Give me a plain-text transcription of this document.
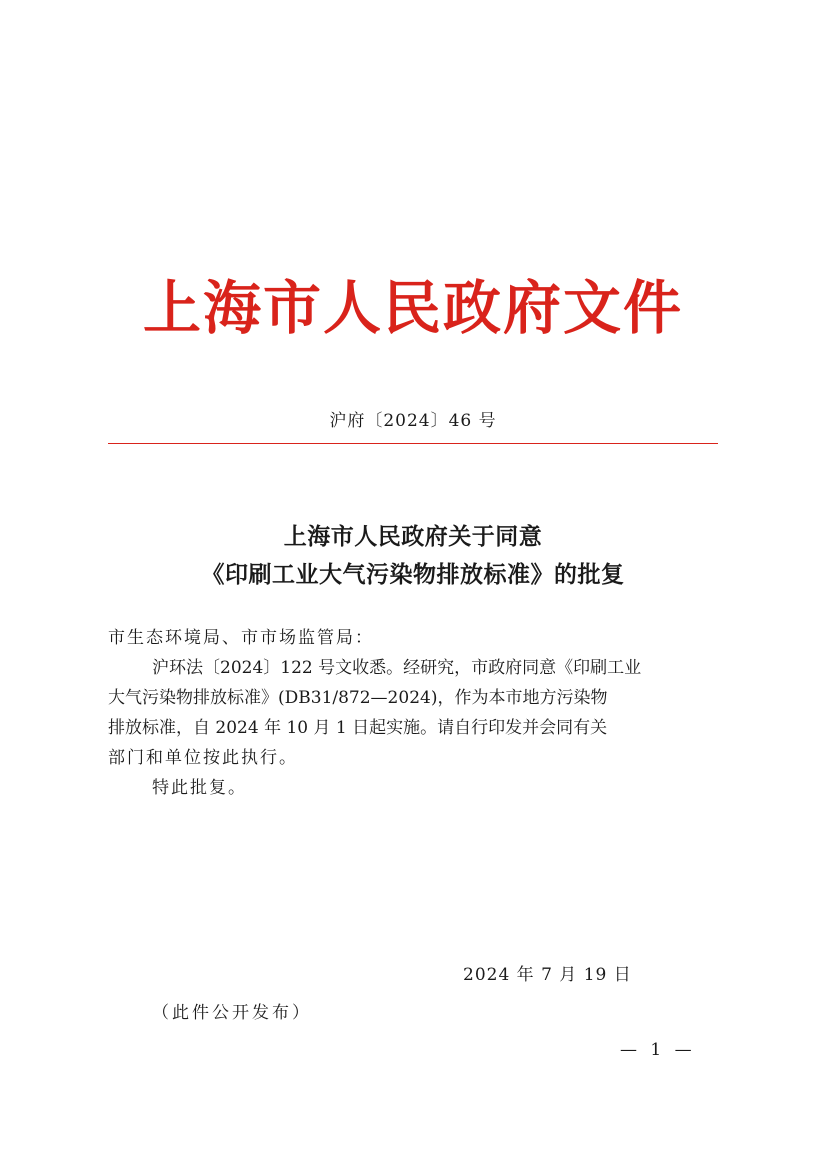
上海市人民政府文件
沪府〔2024〕46 号
上海市人民政府关于同意
《印刷工业大气污染物排放标准》的批复
市生态环境局、市市场监管局：
沪环法〔2024〕122 号文收悉。经研究，市政府同意《印刷工业
大气污染物排放标准》(DB31/872—2024)，作为本市地方污染物
排放标准，自 2024 年 10 月 1 日起实施。请自行印发并会同有关
部门和单位按此执行。
特此批复。
2024 年 7 月 19 日
（此件公开发布）
— 1 —
